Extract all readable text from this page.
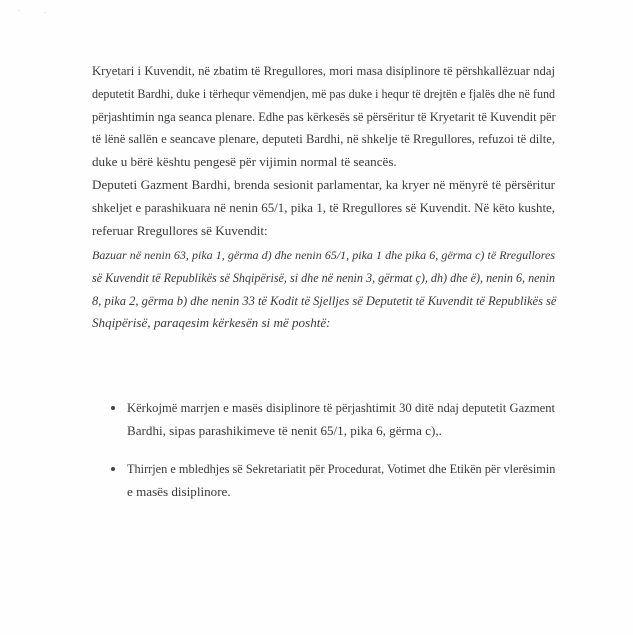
Kryetari i Kuvendit, në zbatim të Rregullores, mori masa disiplinore të përshkallëzuar ndaj
deputetit Bardhi, duke i tërhequr vëmendjen, më pas duke i hequr të drejtën e fjalës dhe në fund
përjashtimin nga seanca plenare. Edhe pas kërkesës së përsëritur të Kryetarit të Kuvendit për
të lënë sallën e seancave plenare, deputeti Bardhi, në shkelje të Rregullores, refuzoi të dilte,
duke u bërë kështu pengesë për vijimin normal të seancës.
Deputeti Gazment Bardhi, brenda sesionit parlamentar, ka kryer në mënyrë të përsëritur
shkeljet e parashikuara në nenin 65/1, pika 1, të Rregullores së Kuvendit. Në këto kushte,
referuar Rregullores së Kuvendit:
Bazuar në nenin 63, pika 1, gërma d) dhe nenin 65/1, pika 1 dhe pika 6, gërma c) të Rregullores
së Kuvendit të Republikës së Shqipërisë, si dhe në nenin 3, gërmat ç), dh) dhe ë), nenin 6, nenin
8, pika 2, gërma b) dhe nenin 33 të Kodit të Sjelljes së Deputetit të Kuvendit të Republikës së
Shqipërisë, paraqesim kërkesën si më poshtë:
Kërkojmë marrjen e masës disiplinore të përjashtimit 30 ditë ndaj deputetit Gazment
Bardhi, sipas parashikimeve të nenit 65/1, pika 6, gërma c),.
Thirrjen e mbledhjes së Sekretariatit për Procedurat, Votimet dhe Etikën për vlerësimin
e masës disiplinore.
